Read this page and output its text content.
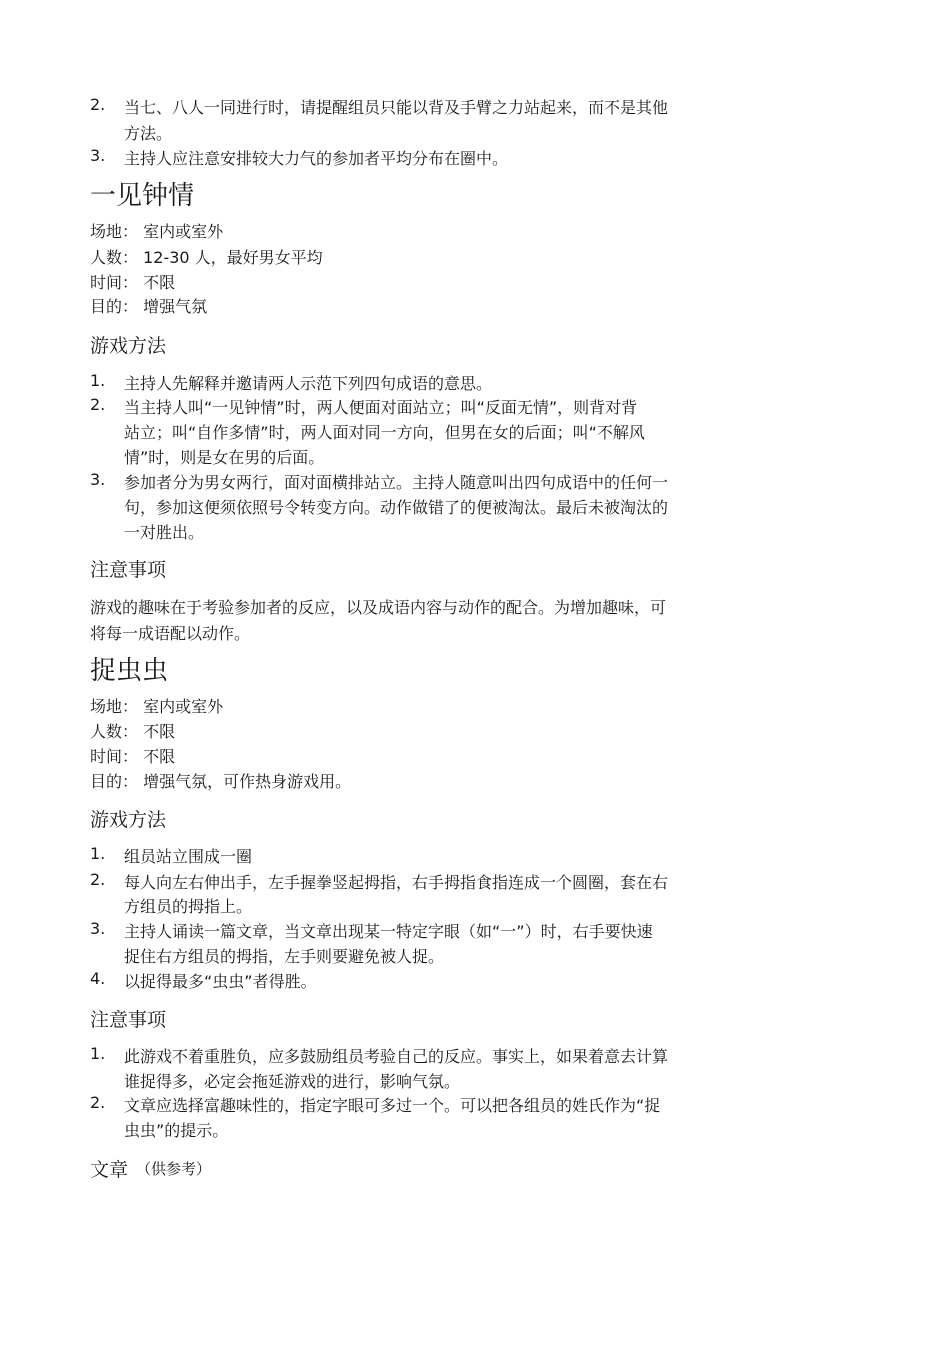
2. 当七、八人一同进行时，请提醒组员只能以背及手臂之力站起来，而不是其他
方法。
3. 主持人应注意安排较大力气的参加者平均分布在圈中。
一见钟情
场地： 室内或室外
人数： 12-30 人，最好男女平均
时间： 不限
目的： 增强气氛
游戏方法
1. 主持人先解释并邀请两人示范下列四句成语的意思。
2. 当主持人叫“一见钟情”时，两人便面对面站立；叫“反面无情”，则背对背
站立；叫“自作多情”时，两人面对同一方向，但男在女的后面；叫“不解风
情”时，则是女在男的后面。
3. 参加者分为男女两行，面对面横排站立。主持人随意叫出四句成语中的任何一
句，参加这便须依照号令转变方向。动作做错了的便被淘汰。最后未被淘汰的
一对胜出。
注意事项
游戏的趣味在于考验参加者的反应，以及成语内容与动作的配合。为增加趣味，可
将每一成语配以动作。
捉虫虫
场地： 室内或室外
人数： 不限
时间： 不限
目的： 增强气氛，可作热身游戏用。
游戏方法
1. 组员站立围成一圈
2. 每人向左右伸出手，左手握拳竖起拇指，右手拇指食指连成一个圆圈，套在右
方组员的拇指上。
3. 主持人诵读一篇文章，当文章出现某一特定字眼（如“一”）时，右手要快速
捉住右方组员的拇指，左手则要避免被人捉。
4. 以捉得最多“虫虫”者得胜。
注意事项
1. 此游戏不着重胜负，应多鼓励组员考验自己的反应。事实上，如果着意去计算
谁捉得多，必定会拖延游戏的进行，影响气氛。
2. 文章应选择富趣味性的，指定字眼可多过一个。可以把各组员的姓氏作为“捉
虫虫”的提示。
文章 （供参考）
